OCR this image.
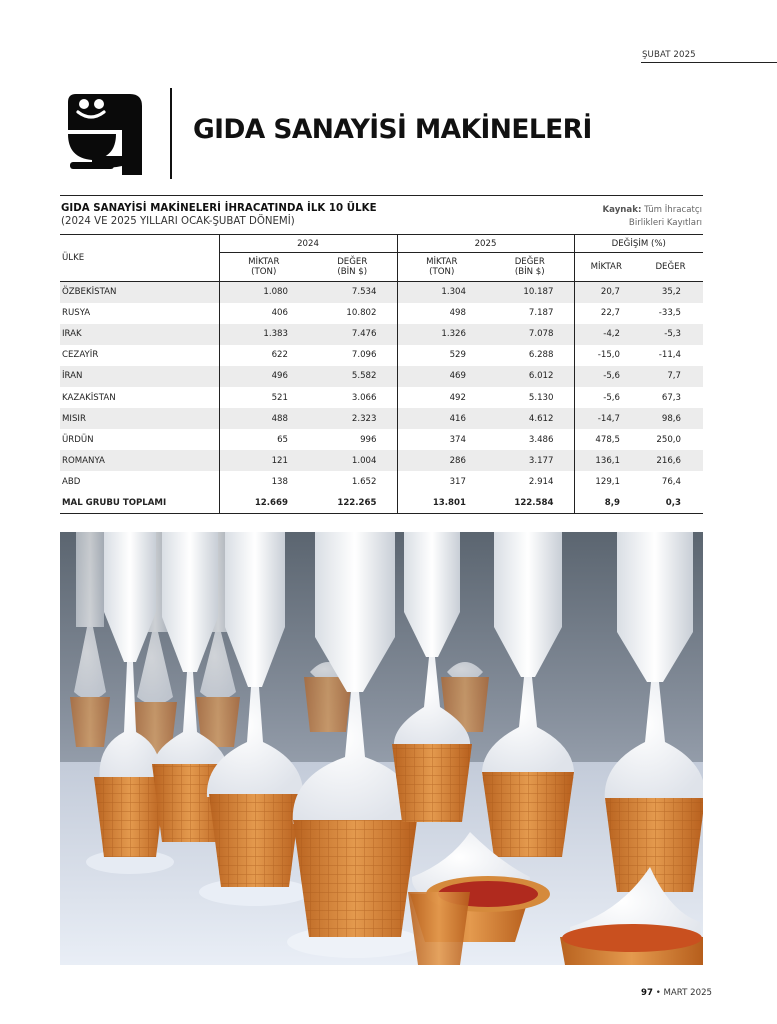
ŞUBAT 2025
GIDA SANAYİSİ MAKİNELERİ
GIDA SANAYİSİ MAKİNELERİ İHRACATINDA İLK 10 ÜLKE
(2024 VE 2025 YILLARI OCAK-ŞUBAT DÖNEMİ)
Kaynak: Tüm İhracatçı Birlikleri Kayıtları
ÜLKE	2024		2025		DEĞİŞİM (%)	
	MİKTAR (TON)	DEĞER (BİN $)	MİKTAR (TON)	DEĞER (BİN $)	MİKTAR	DEĞER
ÖZBEKİSTAN	1.080	7.534	1.304	10.187	20,7	35,2
RUSYA	406	10.802	498	7.187	22,7	-33,5
IRAK	1.383	7.476	1.326	7.078	-4,2	-5,3
CEZAYİR	622	7.096	529	6.288	-15,0	-11,4
İRAN	496	5.582	469	6.012	-5,6	7,7
KAZAKİSTAN	521	3.066	492	5.130	-5,6	67,3
MISIR	488	2.323	416	4.612	-14,7	98,6
ÜRDÜN	65	996	374	3.486	478,5	250,0
ROMANYA	121	1.004	286	3.177	136,1	216,6
ABD	138	1.652	317	2.914	129,1	76,4
MAL GRUBU TOPLAMI	12.669	122.265	13.801	122.584	8,9	0,3
97 • MART 2025
